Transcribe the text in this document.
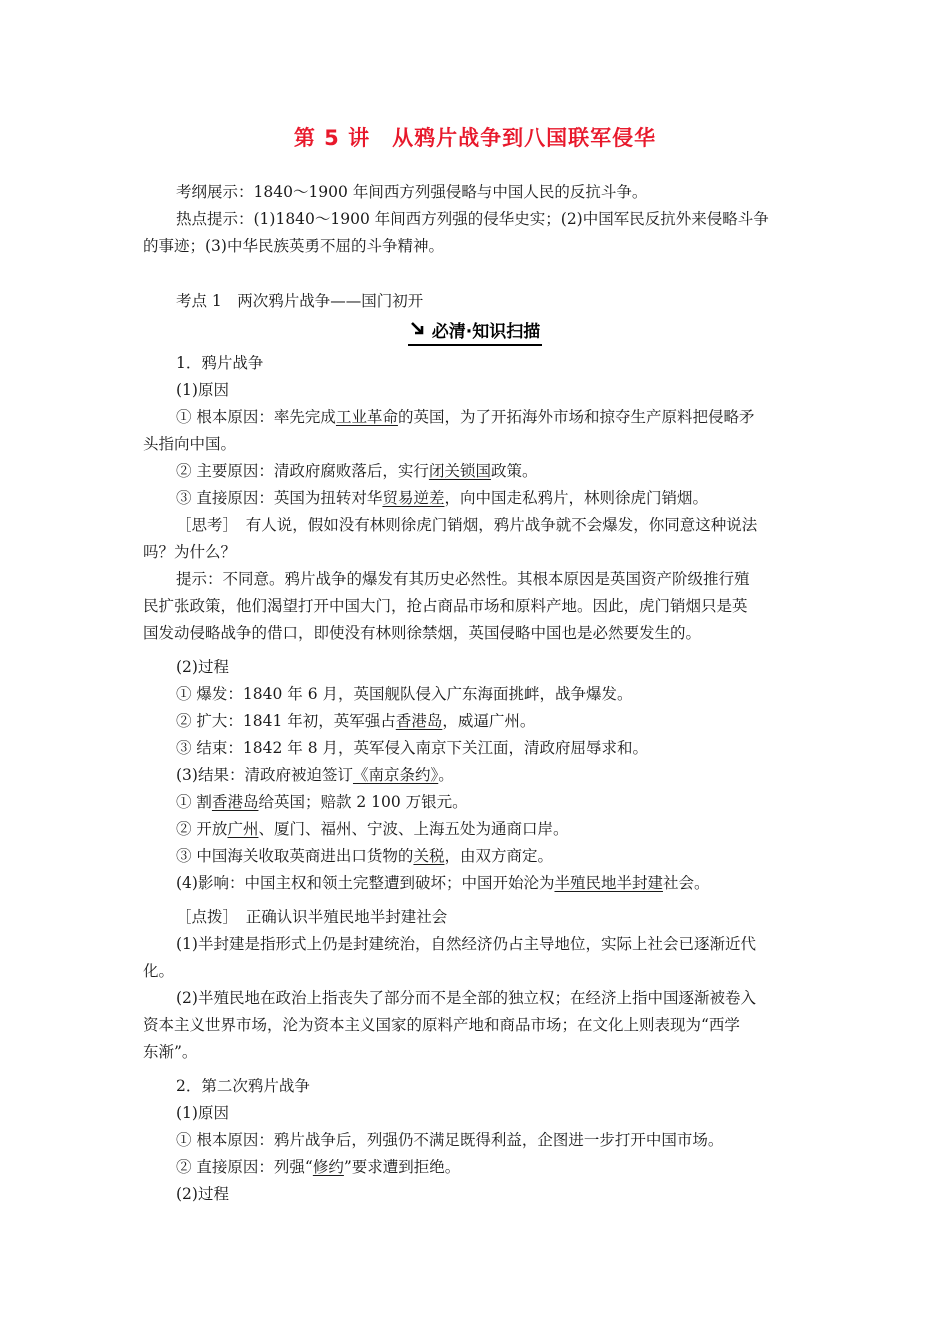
第 5 讲　从鸦片战争到八国联军侵华
考纲展示：1840～1900 年间西方列强侵略与中国人民的反抗斗争。
热点提示：(1)1840～1900 年间西方列强的侵华史实；(2)中国军民反抗外来侵略斗争
的事迹；(3)中华民族英勇不屈的斗争精神。
考点 1　两次鸦片战争——国门初开
必清·知识扫描
1．鸦片战争
(1)原因
① 根本原因：率先完成工业革命的英国，为了开拓海外市场和掠夺生产原料把侵略矛
头指向中国。
② 主要原因：清政府腐败落后，实行闭关锁国政策。
③ 直接原因：英国为扭转对华贸易逆差，向中国走私鸦片，林则徐虎门销烟。
［思考］　有人说，假如没有林则徐虎门销烟，鸦片战争就不会爆发，你同意这种说法
吗？为什么？
提示：不同意。鸦片战争的爆发有其历史必然性。其根本原因是英国资产阶级推行殖
民扩张政策，他们渴望打开中国大门，抢占商品市场和原料产地。因此，虎门销烟只是英
国发动侵略战争的借口，即使没有林则徐禁烟，英国侵略中国也是必然要发生的。
(2)过程
① 爆发：1840 年 6 月，英国舰队侵入广东海面挑衅，战争爆发。
② 扩大：1841 年初，英军强占香港岛，威逼广州。
③ 结束：1842 年 8 月，英军侵入南京下关江面，清政府屈辱求和。
(3)结果：清政府被迫签订《南京条约》。
① 割香港岛给英国；赔款 2 100 万银元。
② 开放广州、厦门、福州、宁波、上海五处为通商口岸。
③ 中国海关收取英商进出口货物的关税，由双方商定。
(4)影响：中国主权和领土完整遭到破坏；中国开始沦为半殖民地半封建社会。
［点拨］　正确认识半殖民地半封建社会
(1)半封建是指形式上仍是封建统治，自然经济仍占主导地位，实际上社会已逐渐近代
化。
(2)半殖民地在政治上指丧失了部分而不是全部的独立权；在经济上指中国逐渐被卷入
资本主义世界市场，沦为资本主义国家的原料产地和商品市场；在文化上则表现为“西学
东渐”。
2．第二次鸦片战争
(1)原因
① 根本原因：鸦片战争后，列强仍不满足既得利益，企图进一步打开中国市场。
② 直接原因：列强“修约”要求遭到拒绝。
(2)过程
